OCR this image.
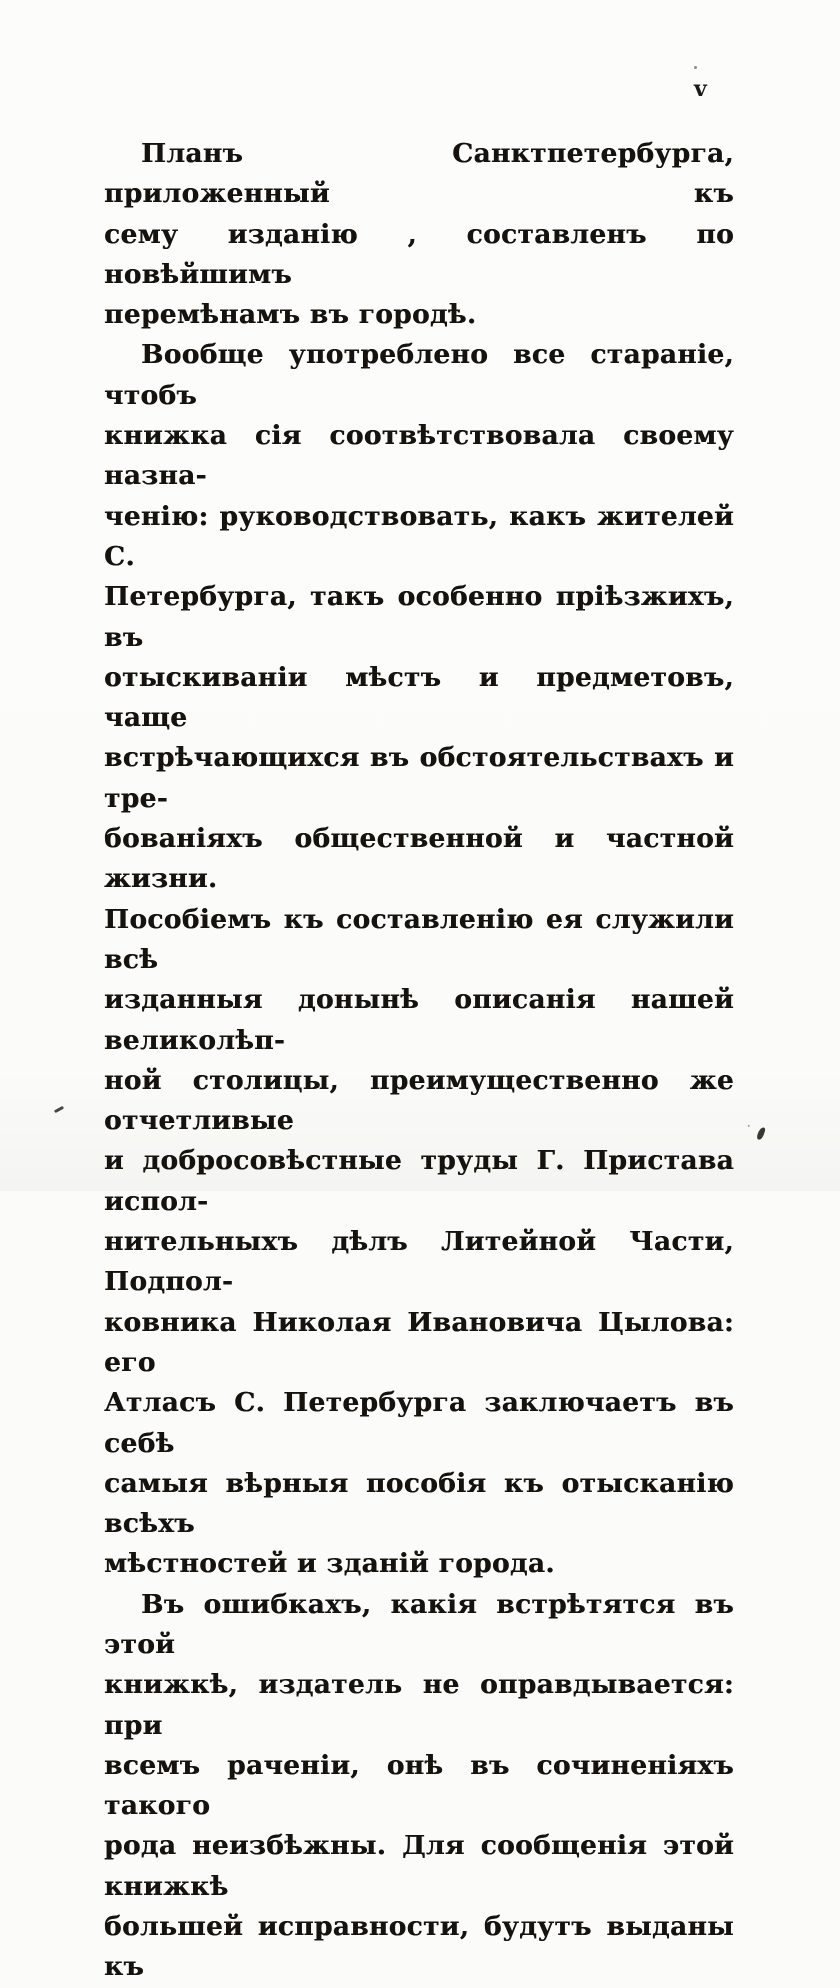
v
Планъ Санктпетербурга, приложенный къ
сему изданію , составленъ по новѣйшимъ
перемѣнамъ въ городѣ.
Вообще употреблено все стараніе, чтобъ
книжка сія соотвѣтствовала своему назна-
ченію: руководствовать, какъ жителей С.
Петербурга, такъ особенно пріѣзжихъ, въ
отыскиваніи мѣстъ и предметовъ, чаще
встрѣчающихся въ обстоятельствахъ и тре-
бованіяхъ общественной и частной жизни.
Пособіемъ къ составленію ея служили всѣ
изданныя донынѣ описанія нашей великолѣп-
ной столицы, преимущественно же отчетливые
и добросовѣстные труды Г. Пристава испол-
нительныхъ дѣлъ Литейной Части, Подпол-
ковника Николая Ивановича Цылова: его
Атласъ С. Петербурга заключаетъ въ себѣ
самыя вѣрныя пособія къ отысканію всѣхъ
мѣстностей и зданій города.
Въ ошибкахъ, какія встрѣтятся въ этой
книжкѣ, издатель не оправдывается: при
всемъ раченіи, онѣ въ сочиненіяхъ такого
рода неизбѣжны. Для сообщенія этой книжкѣ
большей исправности, будутъ выданы къ
